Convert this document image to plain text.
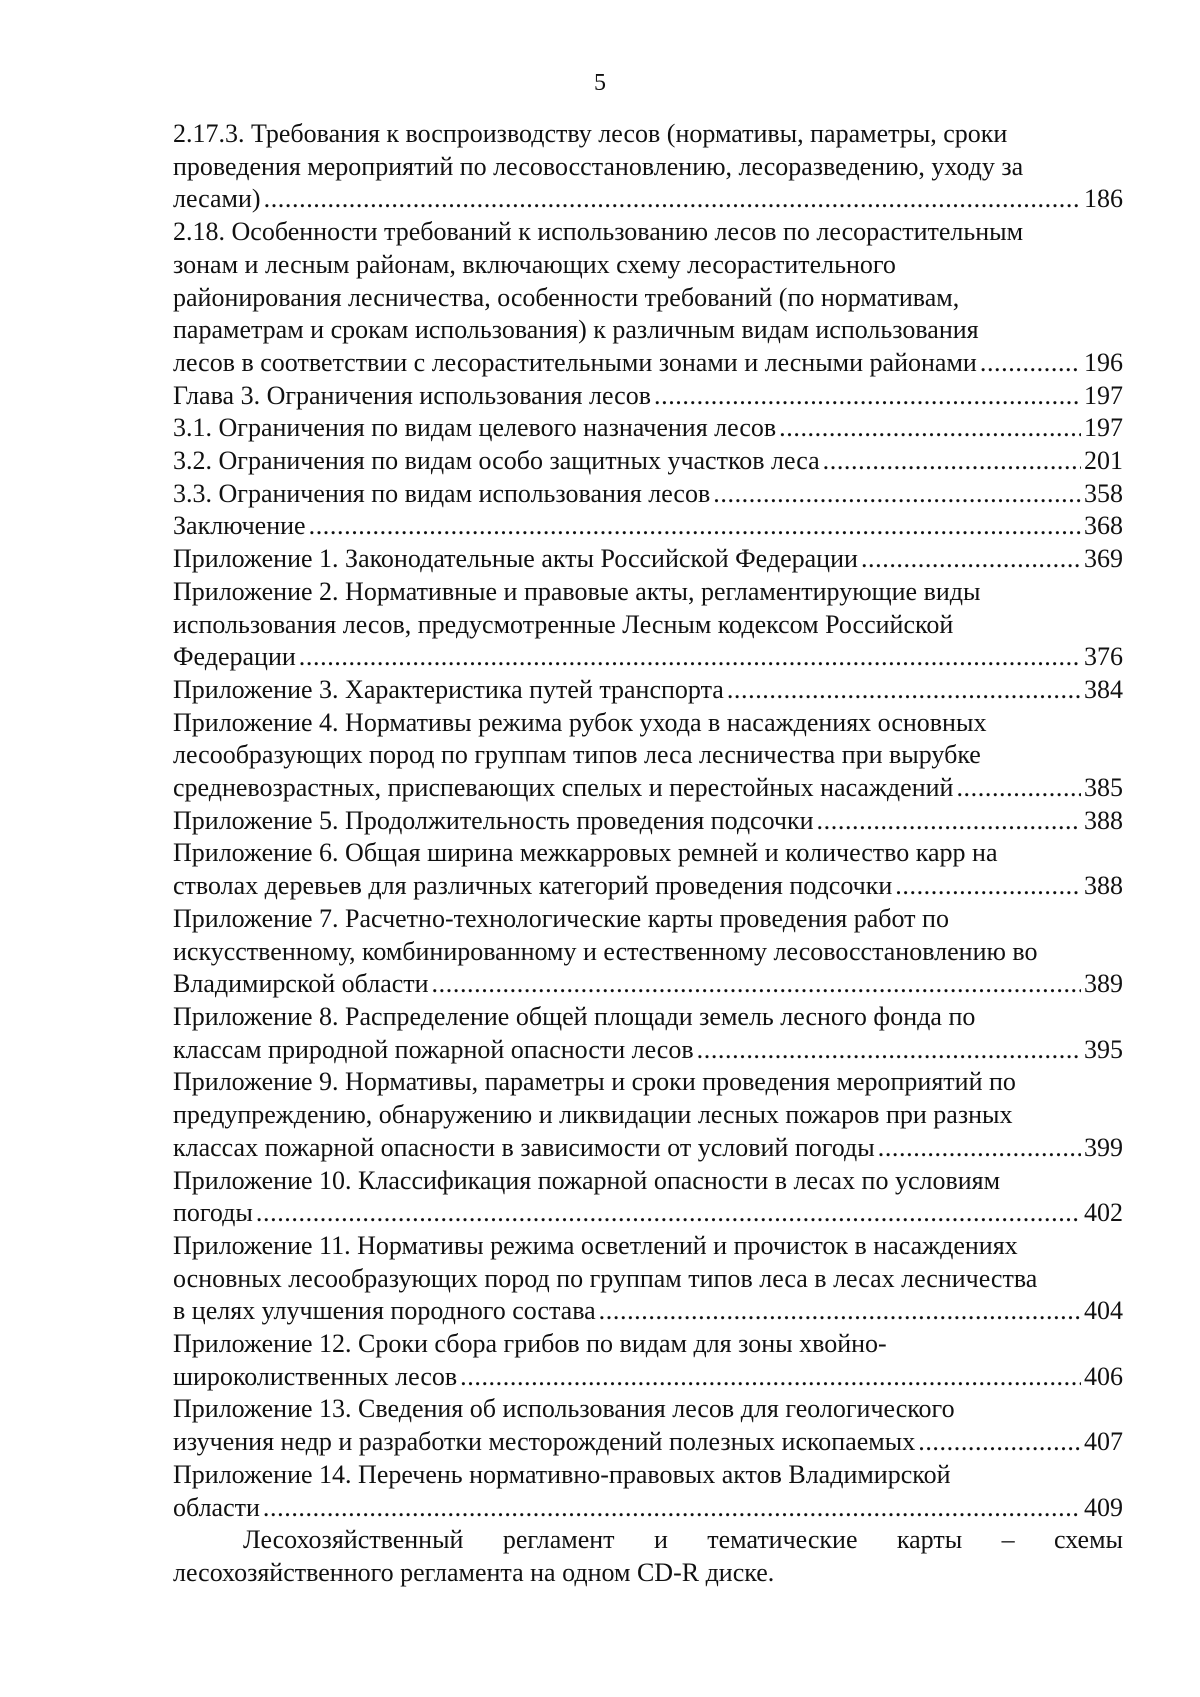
5
2.17.3. Требования к воспроизводству лесов (нормативы, параметры, сроки
проведения мероприятий по лесовосстановлению, лесоразведению, уходу за
лесами) .....	186
2.18. Особенности требований к использованию лесов по лесорастительным
зонам и лесным районам, включающих схему лесорастительного
районирования лесничества, особенности требований (по нормативам,
параметрам и срокам использования) к различным видам использования
лесов в соответствии с лесорастительными зонами и лесными районами .....	196
Глава 3. Ограничения использования лесов .....	197
3.1. Ограничения по видам целевого назначения лесов .....	197
3.2. Ограничения по видам особо защитных участков леса .....	201
3.3. Ограничения по видам использования лесов .....	358
Заключение .....	368
Приложение 1. Законодательные акты Российской Федерации .....	369
Приложение 2. Нормативные и правовые акты, регламентирующие виды
использования лесов, предусмотренные Лесным кодексом Российской
Федерации .....	376
Приложение 3. Характеристика путей транспорта .....	384
Приложение 4. Нормативы режима рубок ухода в насаждениях основных
лесообразующих пород по группам типов леса лесничества при вырубке
средневозрастных, приспевающих спелых и перестойных насаждений .....	385
Приложение 5. Продолжительность проведения подсочки .....	388
Приложение 6. Общая ширина межкарровых ремней и количество карр на
стволах деревьев для различных категорий проведения подсочки .....	388
Приложение 7. Расчетно-технологические карты проведения работ по
искусственному, комбинированному и естественному лесовосстановлению во
Владимирской области .....	389
Приложение 8. Распределение общей площади земель лесного фонда по
классам природной пожарной опасности лесов .....	395
Приложение 9. Нормативы, параметры и сроки проведения мероприятий по
предупреждению, обнаружению и ликвидации лесных пожаров при разных
классах пожарной опасности в зависимости от условий погоды .....	399
Приложение 10. Классификация пожарной опасности в лесах по условиям
погоды .....	402
Приложение 11. Нормативы режима осветлений и прочисток в насаждениях
основных лесообразующих пород по группам типов леса в лесах лесничества
в целях улучшения породного состава .....	404
Приложение 12. Сроки сбора грибов по видам для зоны хвойно-
широколиственных лесов .....	406
Приложение 13. Сведения об использования лесов для геологического
изучения недр и разработки месторождений полезных ископаемых .....	407
Приложение 14. Перечень нормативно-правовых актов Владимирской
области .....	409
Лесохозяйственный регламент и тематические карты – схемы
лесохозяйственного регламента на одном CD-R диске.
